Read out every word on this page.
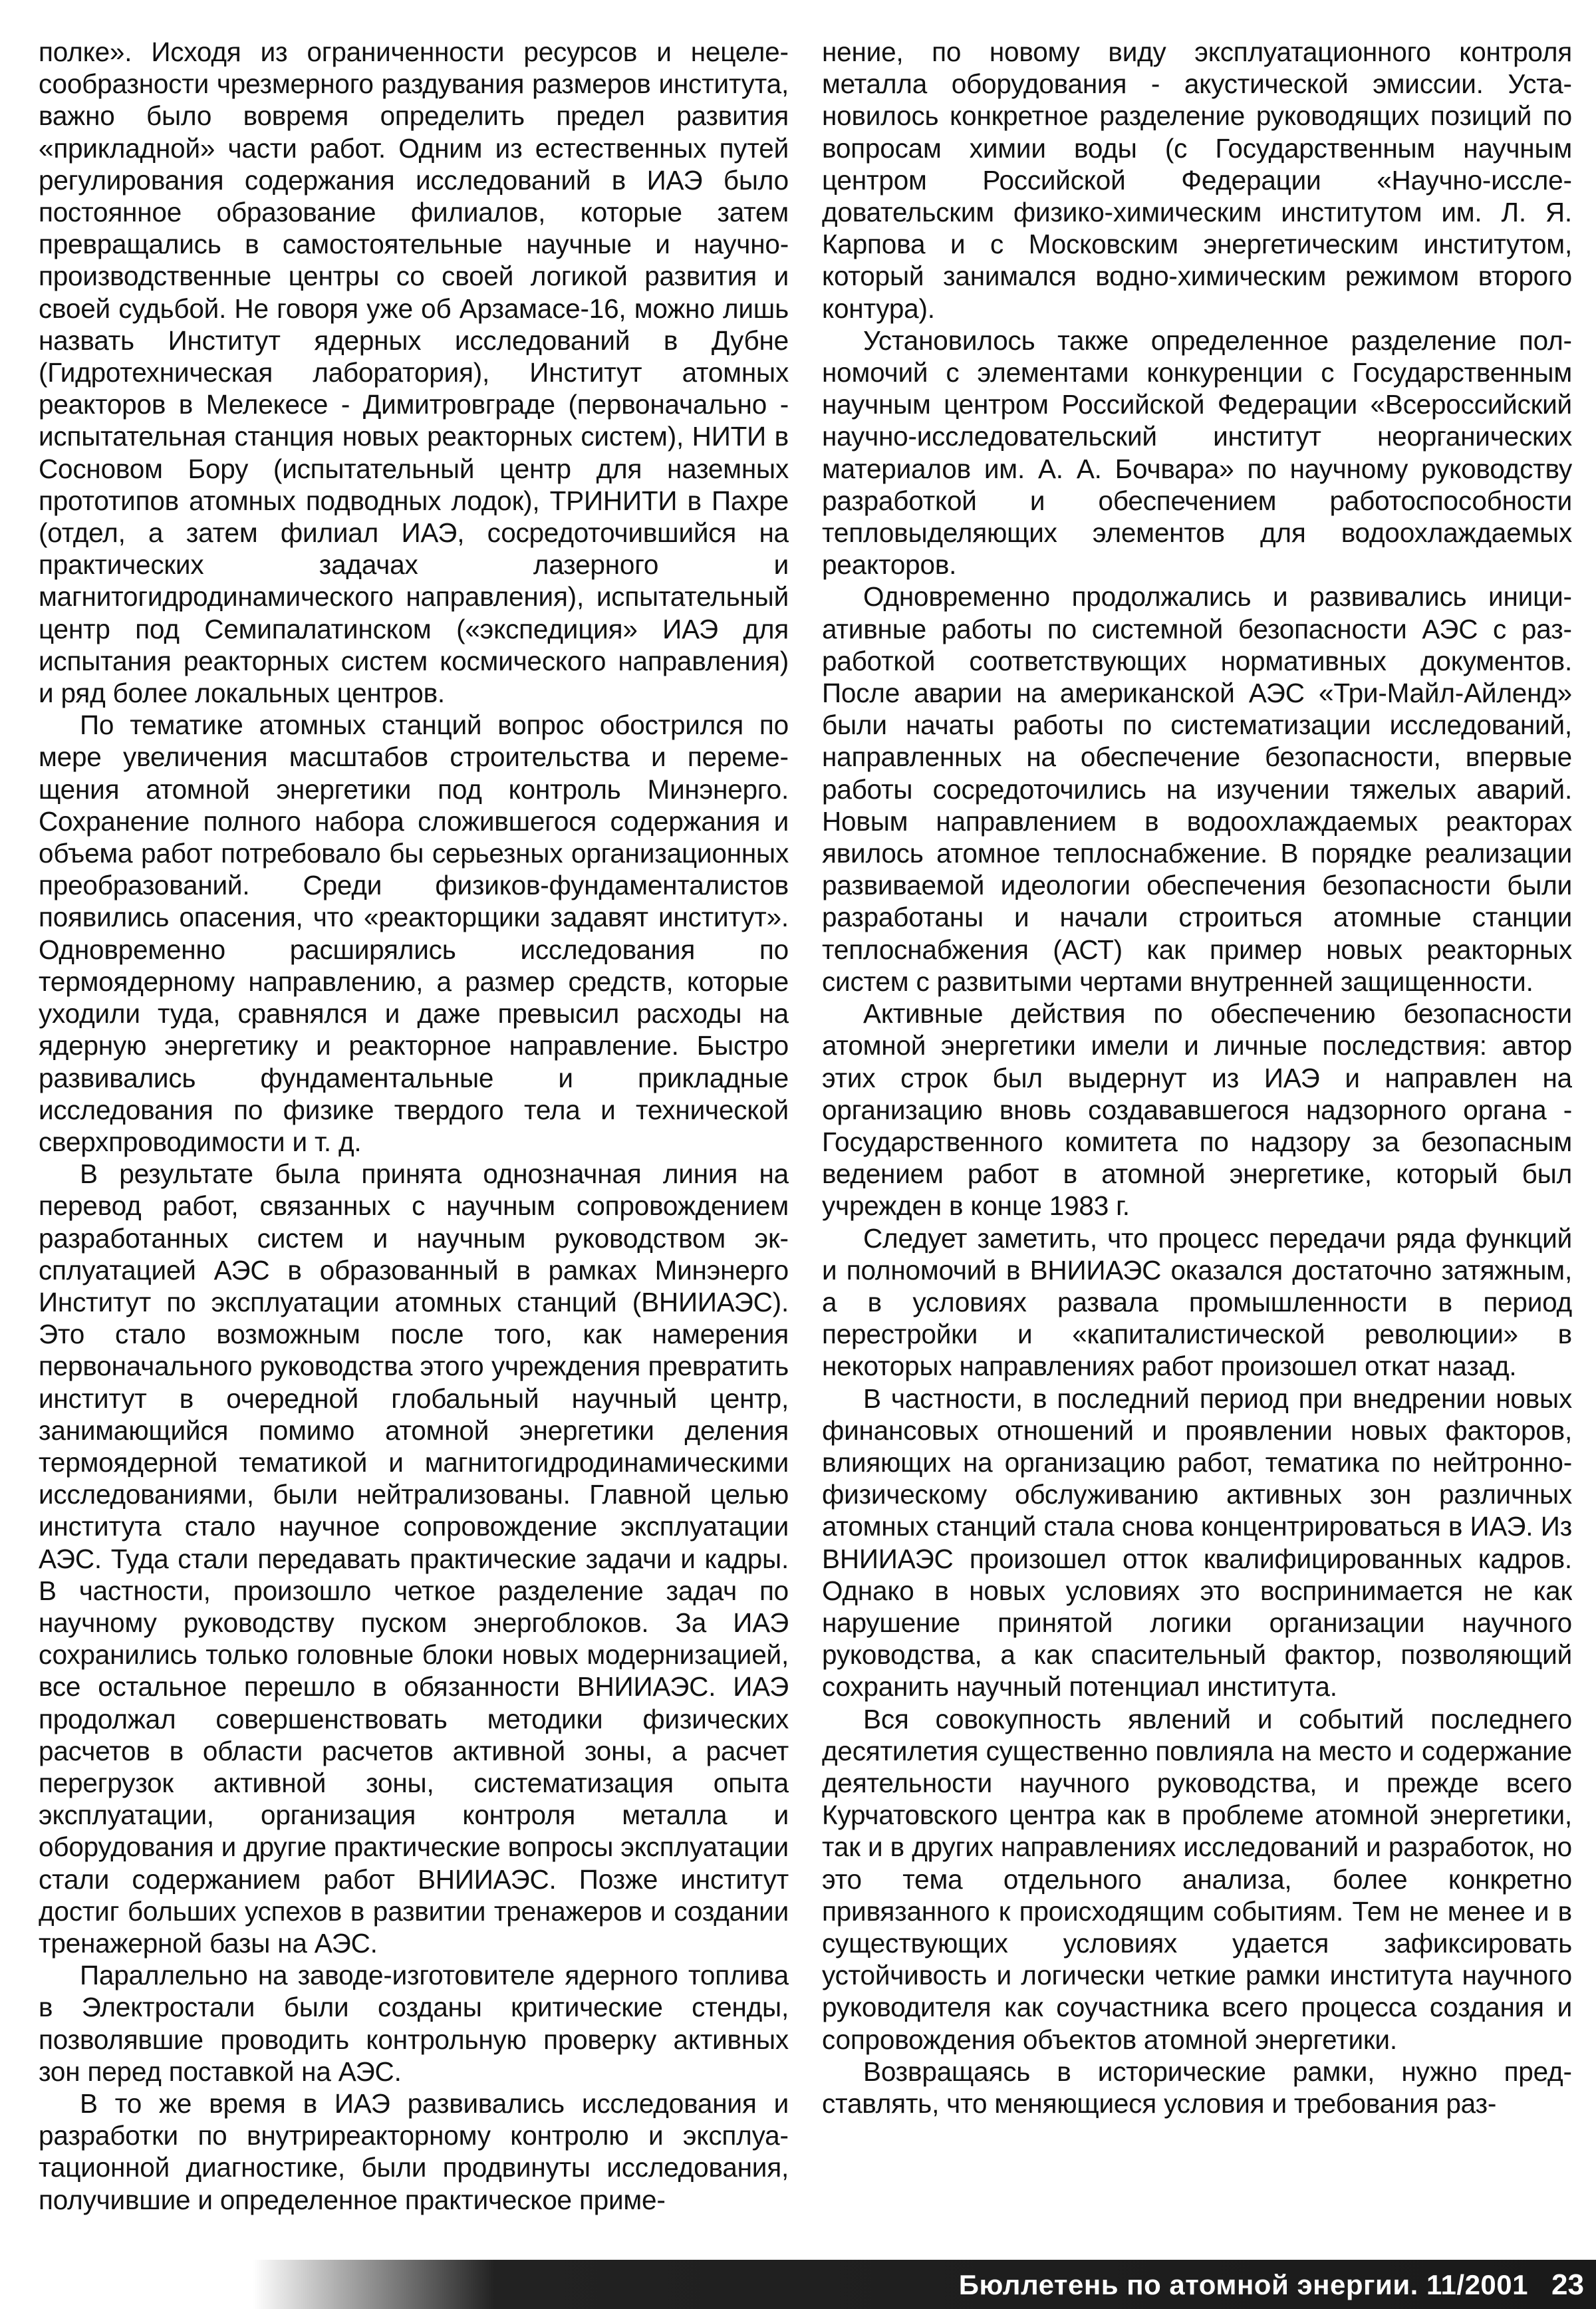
полке». Исходя из ограниченности ресурсов и нецелесообразности чрезмерного раздувания размеров института, важно было вовремя определить предел развития «прикладной» части работ. Одним из естественных путей регулирования содержания исследований в ИАЭ было постоянное образование филиалов, которые затем превращались в самостоятельные научные и научно-производственные центры со своей логикой развития и своей судьбой. Не говоря уже об Арзамасе-16, можно лишь назвать Институт ядерных исследований в Дубне (Гидротехническая лаборатория), Институт атомных реакторов в Мелекесе - Димитровграде (первоначально - испытательная станция новых реакторных систем), НИТИ в Сосновом Бору (испытательный центр для наземных прототипов атомных подводных лодок), ТРИНИТИ в Пахре (отдел, а затем филиал ИАЭ, сосредоточившийся на практических задачах лазерного и магнитогидродинамического направления), испытательный центр под Семипалатинском («экспедиция» ИАЭ для испытания реакторных систем космического направления) и ряд более локальных центров.

По тематике атомных станций вопрос обострился по мере увеличения масштабов строительства и перемещения атомной энергетики под контроль Минэнерго. Сохранение полного набора сложившегося содержания и объема работ потребовало бы серьезных организационных преобразований. Среди физиков-фундаменталистов появились опасения, что «реакторщики задавят институт». Одновременно расширялись исследования по термоядерному направлению, а размер средств, которые уходили туда, сравнялся и даже превысил расходы на ядерную энергетику и реакторное направление. Быстро развивались фундаментальные и прикладные исследования по физике твердого тела и технической сверхпроводимости и т. д.

В результате была принята однозначная линия на перевод работ, связанных с научным сопровождением разработанных систем и научным руководством эксплуатацией АЭС в образованный в рамках Минэнерго Институт по эксплуатации атомных станций (ВНИИАЭС). Это стало возможным после того, как намерения первоначального руководства этого учреждения превратить институт в очередной глобальный научный центр, занимающийся помимо атомной энергетики деления термоядерной тематикой и магнитогидродинамическими исследованиями, были нейтрализованы. Главной целью института стало научное сопровождение эксплуатации АЭС. Туда стали передавать практические задачи и кадры. В частности, произошло четкое разделение задач по научному руководству пуском энергоблоков. За ИАЭ сохранились только головные блоки новых модернизацией, все остальное перешло в обязанности ВНИИАЭС. ИАЭ продолжал совершенствовать методики физических расчетов в области расчетов активной зоны, а расчет перегрузок активной зоны, систематизация опыта эксплуатации, организация контроля металла и оборудования и другие практические вопросы эксплуатации стали содержанием работ ВНИИАЭС. Позже институт достиг больших успехов в развитии тренажеров и создании тренажерной базы на АЭС.

Параллельно на заводе-изготовителе ядерного топлива в Электростали были созданы критические стенды, позволявшие проводить контрольную проверку активных зон перед поставкой на АЭС.

В то же время в ИАЭ развивались исследования и разработки по внутриреакторному контролю и эксплуатационной диагностике, были продвинуты исследования, получившие и определенное практическое приме-

нение, по новому виду эксплуатационного контроля металла оборудования - акустической эмиссии. Установилось конкретное разделение руководящих позиций по вопросам химии воды (с Государственным научным центром Российской Федерации «Научно-исследовательским физико-химическим институтом им. Л. Я. Карпова и с Московским энергетическим институтом, который занимался водно-химическим режимом второго контура).

Установилось также определенное разделение полномочий с элементами конкуренции с Государственным научным центром Российской Федерации «Всероссийский научно-исследовательский институт неорганических материалов им. А. А. Бочвара» по научному руководству разработкой и обеспечением работоспособности тепловыделяющих элементов для водоохлаждаемых реакторов.

Одновременно продолжались и развивались инициативные работы по системной безопасности АЭС с разработкой соответствующих нормативных документов. После аварии на американской АЭС «Три-Майл-Айленд» были начаты работы по систематизации исследований, направленных на обеспечение безопасности, впервые работы сосредоточились на изучении тяжелых аварий. Новым направлением в водоохлаждаемых реакторах явилось атомное теплоснабжение. В порядке реализации развиваемой идеологии обеспечения безопасности были разработаны и начали строиться атомные станции теплоснабжения (АСТ) как пример новых реакторных систем с развитыми чертами внутренней защищенности.

Активные действия по обеспечению безопасности атомной энергетики имели и личные последствия: автор этих строк был выдернут из ИАЭ и направлен на организацию вновь создававшегося надзорного органа - Государственного комитета по надзору за безопасным ведением работ в атомной энергетике, который был учрежден в конце 1983 г.

Следует заметить, что процесс передачи ряда функций и полномочий в ВНИИАЭС оказался достаточно затяжным, а в условиях развала промышленности в период перестройки и «капиталистической революции» в некоторых направлениях работ произошел откат назад.

В частности, в последний период при внедрении новых финансовых отношений и проявлении новых факторов, влияющих на организацию работ, тематика по нейтронно-физическому обслуживанию активных зон различных атомных станций стала снова концентрироваться в ИАЭ. Из ВНИИАЭС произошел отток квалифицированных кадров. Однако в новых условиях это воспринимается не как нарушение принятой логики организации научного руководства, а как спасительный фактор, позволяющий сохранить научный потенциал института.

Вся совокупность явлений и событий последнего десятилетия существенно повлияла на место и содержание деятельности научного руководства, и прежде всего Курчатовского центра как в проблеме атомной энергетики, так и в других направлениях исследований и разработок, но это тема отдельного анализа, более конкретно привязанного к происходящим событиям. Тем не менее и в существующих условиях удается зафиксировать устойчивость и логически четкие рамки института научного руководителя как соучастника всего процесса создания и сопровождения объектов атомной энергетики.

Возвращаясь в исторические рамки, нужно представлять, что меняющиеся условия и требования раз-

Бюллетень по атомной энергии. 11/2001 23
